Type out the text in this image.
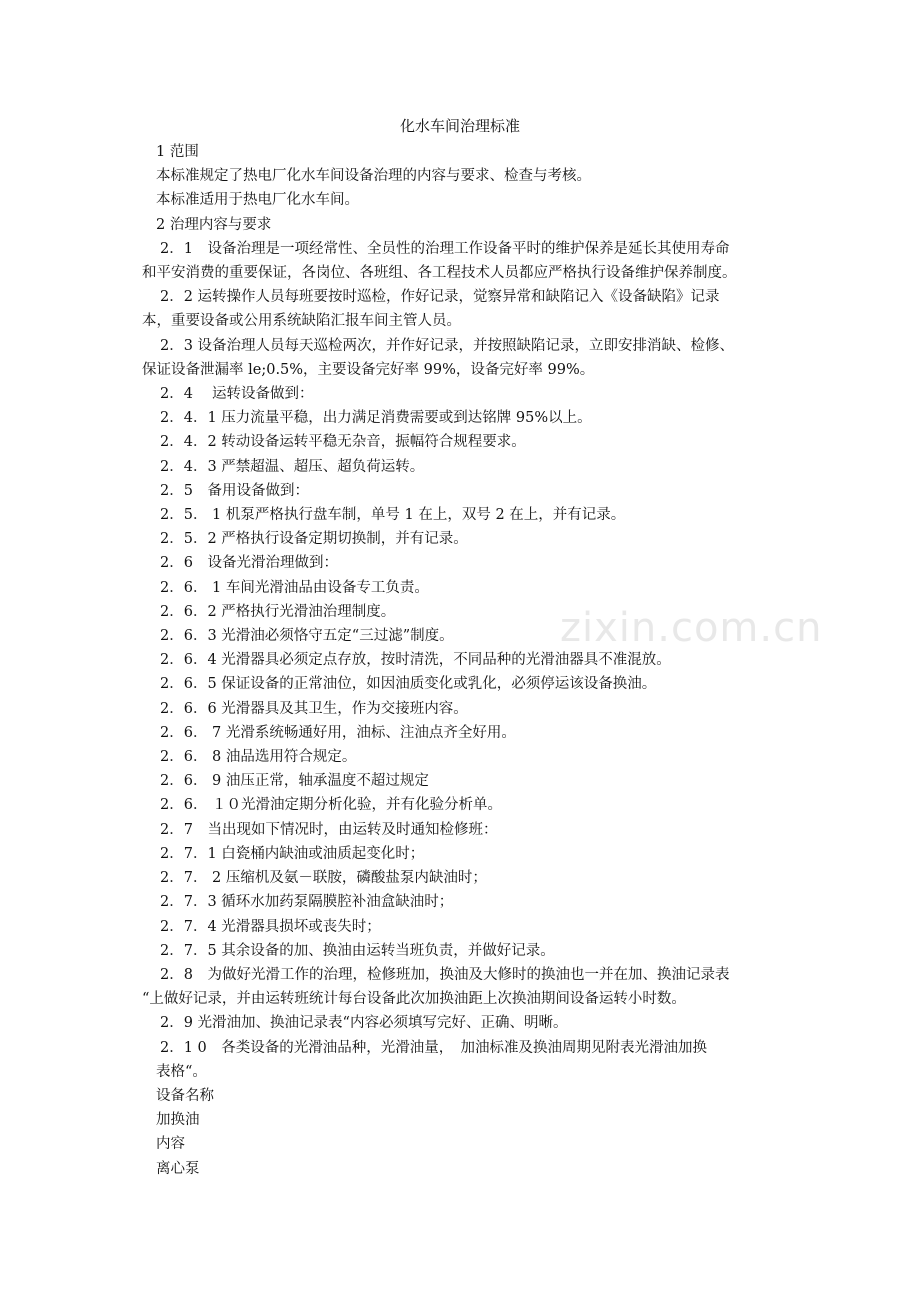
zixin.com.cn
化水车间治理标准
1 范围
本标准规定了热电厂化水车间设备治理的内容与要求、检查与考核。
本标准适用于热电厂化水车间。
2 治理内容与要求
2．1　设备治理是一项经常性、全员性的治理工作设备平时的维护保养是延长其使用寿命
和平安消费的重要保证，各岗位、各班组、各工程技术人员都应严格执行设备维护保养制度。
2．2 运转操作人员每班要按时巡检，作好记录，觉察异常和缺陷记入《设备缺陷》记录
本，重要设备或公用系统缺陷汇报车间主管人员。
2．3 设备治理人员每天巡检两次，并作好记录，并按照缺陷记录，立即安排消缺、检修、
保证设备泄漏率 le;0.5%，主要设备完好率 99%，设备完好率 99%。
2．4　 运转设备做到：
2．4．1 压力流量平稳，出力满足消费需要或到达铭牌 95%以上。
2．4．2 转动设备运转平稳无杂音，振幅符合规程要求。
2．4．3 严禁超温、超压、超负荷运转。
2．5　备用设备做到：
2．5． 1 机泵严格执行盘车制，单号 1 在上，双号 2 在上，并有记录。
2．5．2 严格执行设备定期切换制，并有记录。
2．6　设备光滑治理做到：
2．6． 1 车间光滑油品由设备专工负责。
2．6．2 严格执行光滑油治理制度。
2．6．3 光滑油必须恪守五定“三过滤”制度。
2．6．4 光滑器具必须定点存放，按时清洗，不同品种的光滑油器具不准混放。
2．6．5 保证设备的正常油位，如因油质变化或乳化，必须停运该设备换油。
2．6．6 光滑器具及其卫生，作为交接班内容。
2．6． 7 光滑系统畅通好用，油标、注油点齐全好用。
2．6． 8 油品选用符合规定。
2．6． 9 油压正常，轴承温度不超过规定
2．6． １０光滑油定期分析化验，并有化验分析单。
2．7　当出现如下情况时，由运转及时通知检修班：
2．7．1 白瓷桶内缺油或油质起变化时；
2．7． 2 压缩机及氨－联胺，磷酸盐泵内缺油时；
2．7．3 循环水加药泵隔膜腔补油盒缺油时；
2．7．4 光滑器具损坏或丧失时；
2．7．5 其余设备的加、换油由运转当班负责，并做好记录。
2．8　为做好光滑工作的治理，检修班加，换油及大修时的换油也一并在加、换油记录表
“上做好记录，并由运转班统计每台设备此次加换油距上次换油期间设备运转小时数。
2．9 光滑油加、换油记录表“内容必须填写完好、正确、明晰。
2．1 0　各类设备的光滑油品种，光滑油量，　加油标准及换油周期见附表光滑油加换
表格“。
设备名称
加换油
内容
离心泵
